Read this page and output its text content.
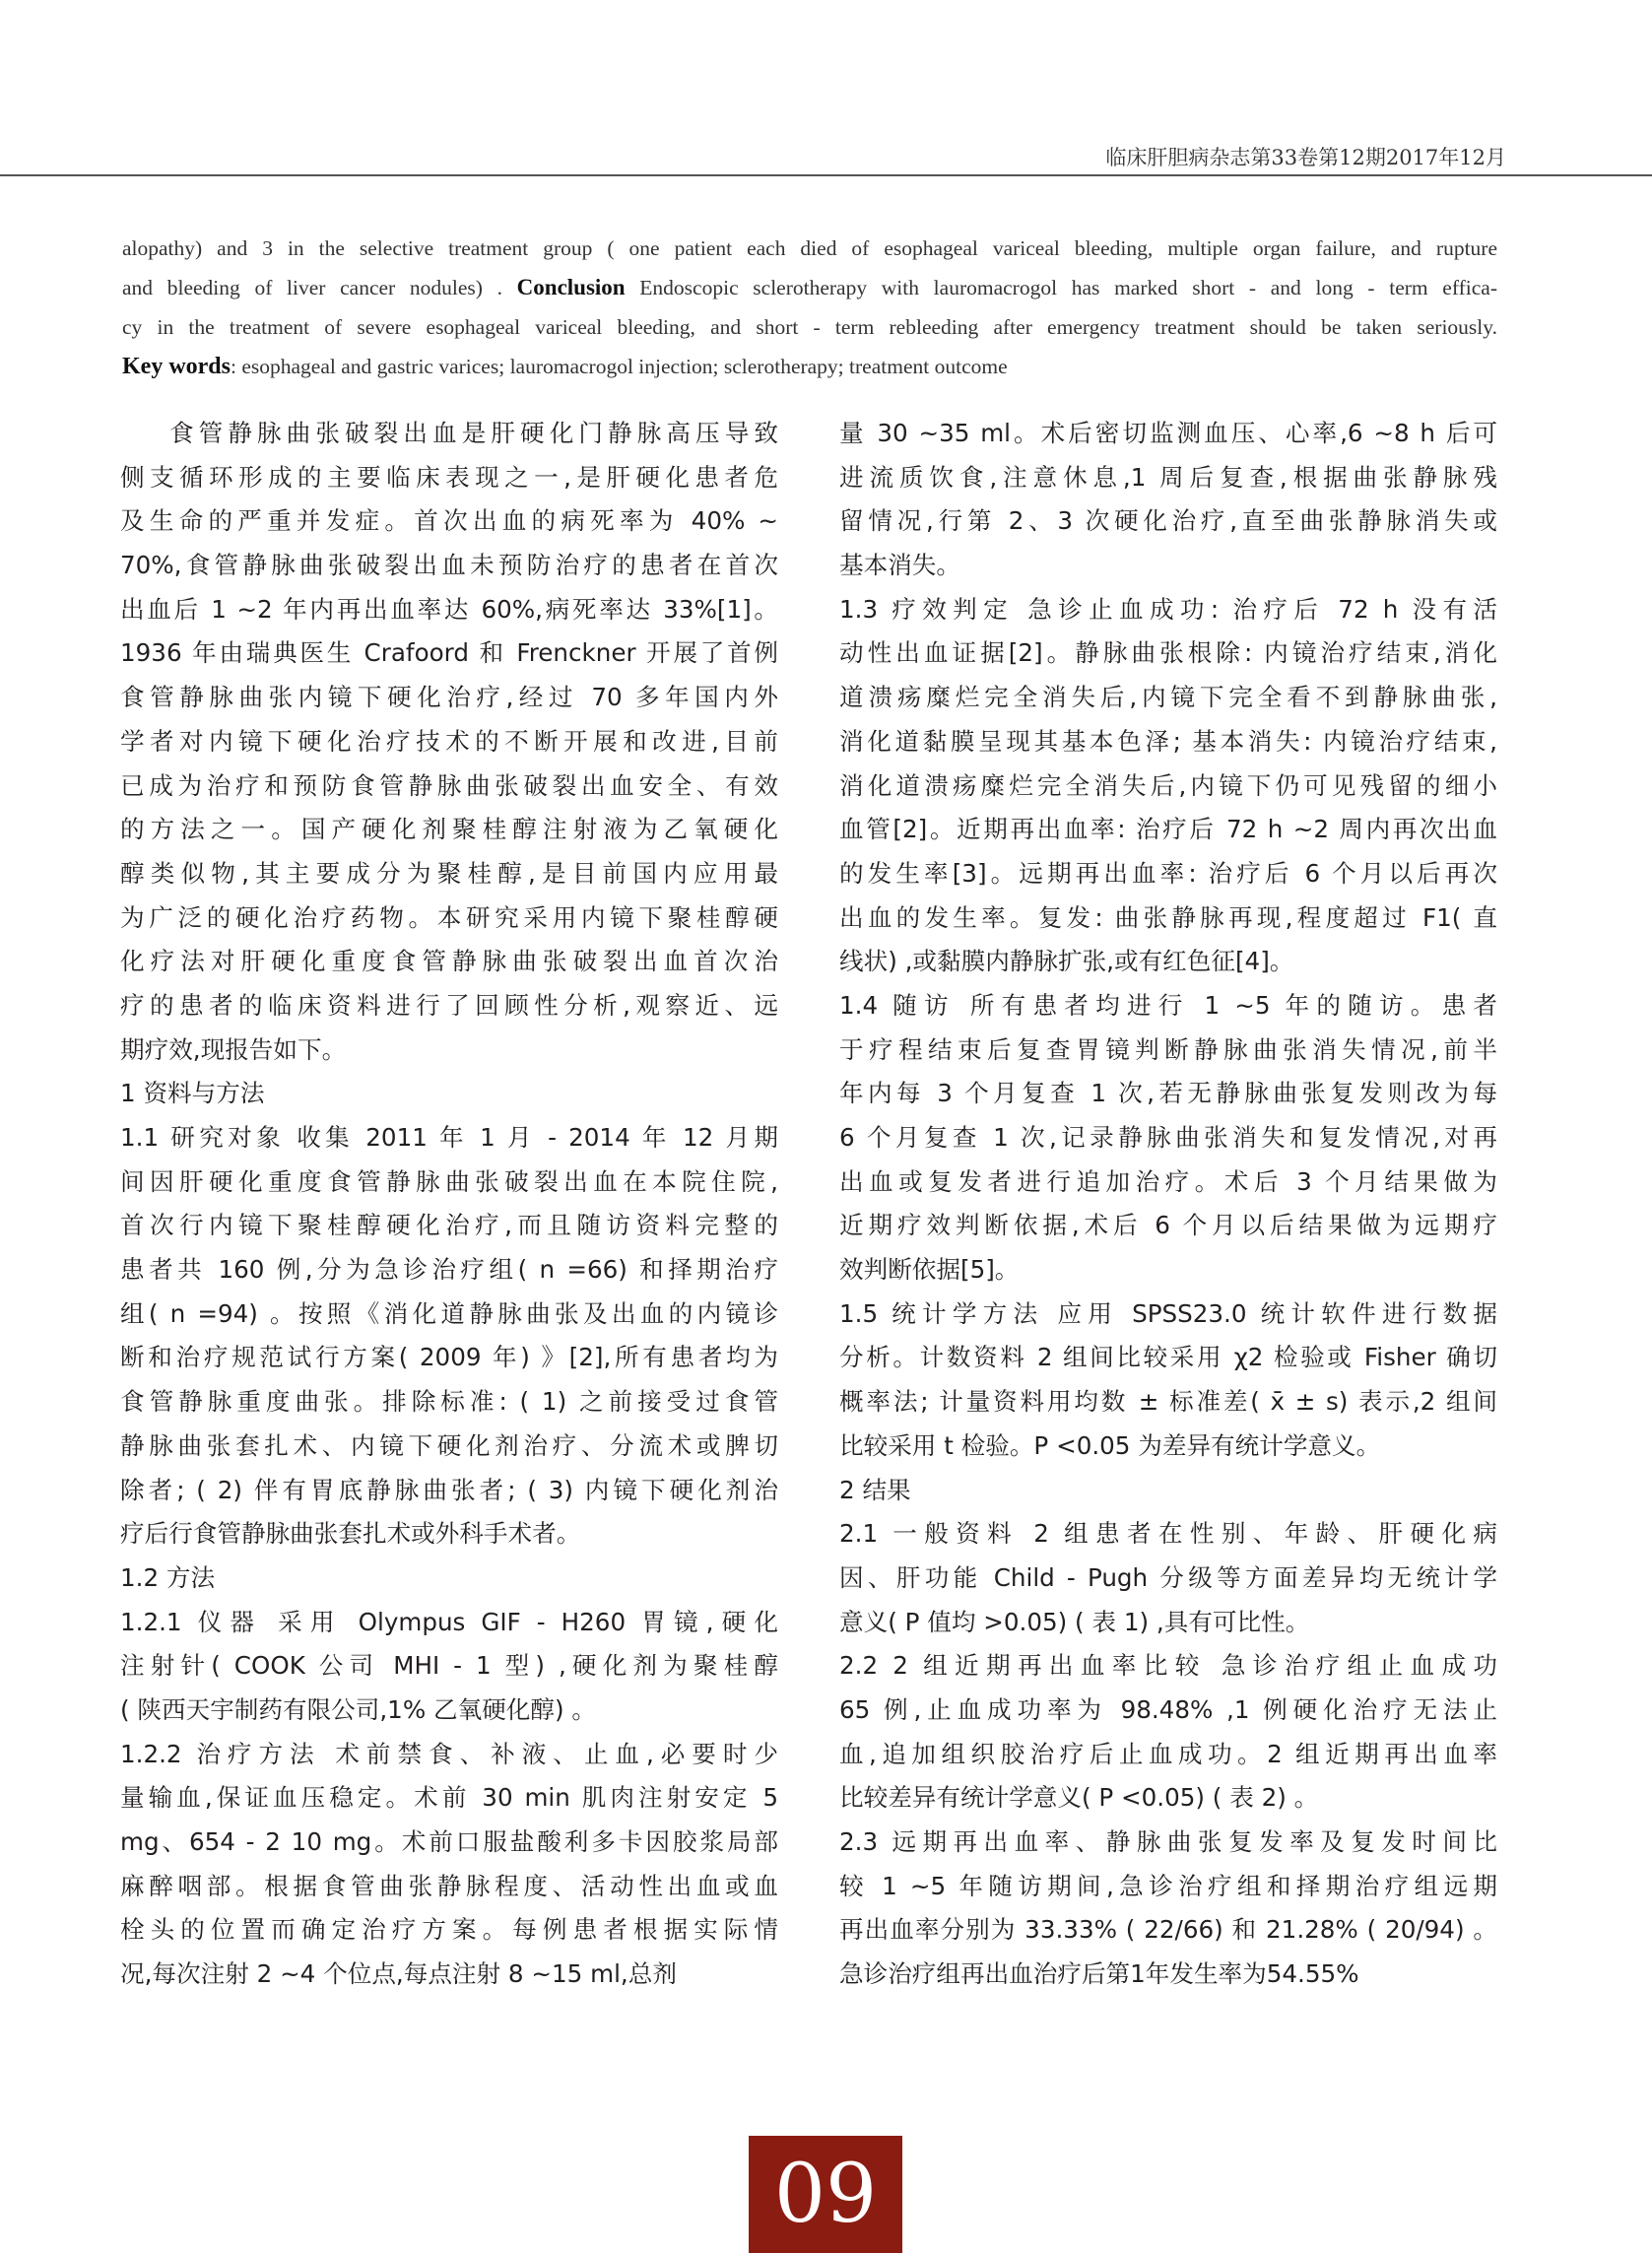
临床肝胆病杂志第33卷第12期2017年12月
alopathy) and 3 in the selective treatment group ( one patient each died of esophageal variceal bleeding, multiple organ failure, and rupture
and bleeding of liver cancer nodules) . Conclusion Endoscopic sclerotherapy with lauromacrogol has marked short - and long - term effica-
cy in the treatment of severe esophageal variceal bleeding, and short - term rebleeding after emergency treatment should be taken seriously.
Key words: esophageal and gastric varices; lauromacrogol injection; sclerotherapy; treatment outcome
食管静脉曲张破裂出血是肝硬化门静脉高压导致
侧支循环形成的主要临床表现之一,是肝硬化患者危
及生命的严重并发症。首次出血的病死率为 40% ~
70%,食管静脉曲张破裂出血未预防治疗的患者在首次
出血后 1 ~2 年内再出血率达 60%,病死率达 33%[1]。
1936 年由瑞典医生 Crafoord 和 Frenckner 开展了首例
食管静脉曲张内镜下硬化治疗,经过 70 多年国内外
学者对内镜下硬化治疗技术的不断开展和改进,目前
已成为治疗和预防食管静脉曲张破裂出血安全、有效
的方法之一。国产硬化剂聚桂醇注射液为乙氧硬化
醇类似物,其主要成分为聚桂醇,是目前国内应用最
为广泛的硬化治疗药物。本研究采用内镜下聚桂醇硬
化疗法对肝硬化重度食管静脉曲张破裂出血首次治
疗的患者的临床资料进行了回顾性分析,观察近、远
期疗效,现报告如下。
1 资料与方法
1.1 研究对象 收集 2011 年 1 月 - 2014 年 12 月期
间因肝硬化重度食管静脉曲张破裂出血在本院住院,
首次行内镜下聚桂醇硬化治疗,而且随访资料完整的
患者共 160 例,分为急诊治疗组( n =66) 和择期治疗
组( n =94) 。按照《消化道静脉曲张及出血的内镜诊
断和治疗规范试行方案( 2009 年) 》[2],所有患者均为
食管静脉重度曲张。排除标准: ( 1) 之前接受过食管
静脉曲张套扎术、内镜下硬化剂治疗、分流术或脾切
除者; ( 2) 伴有胃底静脉曲张者; ( 3) 内镜下硬化剂治
疗后行食管静脉曲张套扎术或外科手术者。
1.2 方法
1.2.1 仪器 采用 Olympus GIF - H260 胃镜,硬化
注射针( COOK 公司 MHI - 1 型) ,硬化剂为聚桂醇
( 陕西天宇制药有限公司,1% 乙氧硬化醇) 。
1.2.2 治疗方法 术前禁食、补液、止血,必要时少
量输血,保证血压稳定。术前 30 min 肌肉注射安定 5
mg、654 - 2 10 mg。术前口服盐酸利多卡因胶浆局部
麻醉咽部。根据食管曲张静脉程度、活动性出血或血
栓头的位置而确定治疗方案。每例患者根据实际情
况,每次注射 2 ~4 个位点,每点注射 8 ~15 ml,总剂
量 30 ~35 ml。术后密切监测血压、心率,6 ~8 h 后可
进流质饮食,注意休息,1 周后复查,根据曲张静脉残
留情况,行第 2、3 次硬化治疗,直至曲张静脉消失或
基本消失。
1.3 疗效判定 急诊止血成功: 治疗后 72 h 没有活
动性出血证据[2]。静脉曲张根除: 内镜治疗结束,消化
道溃疡糜烂完全消失后,内镜下完全看不到静脉曲张,
消化道黏膜呈现其基本色泽; 基本消失: 内镜治疗结束,
消化道溃疡糜烂完全消失后,内镜下仍可见残留的细小
血管[2]。近期再出血率: 治疗后 72 h ~2 周内再次出血
的发生率[3]。远期再出血率: 治疗后 6 个月以后再次
出血的发生率。复发: 曲张静脉再现,程度超过 F1( 直
线状) ,或黏膜内静脉扩张,或有红色征[4]。
1.4 随访 所有患者均进行 1 ~5 年的随访。患者
于疗程结束后复查胃镜判断静脉曲张消失情况,前半
年内每 3 个月复查 1 次,若无静脉曲张复发则改为每
6 个月复查 1 次,记录静脉曲张消失和复发情况,对再
出血或复发者进行追加治疗。术后 3 个月结果做为
近期疗效判断依据,术后 6 个月以后结果做为远期疗
效判断依据[5]。
1.5 统计学方法 应用 SPSS23.0 统计软件进行数据
分析。计数资料 2 组间比较采用 χ2 检验或 Fisher 确切
概率法; 计量资料用均数 ± 标准差( x̄ ± s) 表示,2 组间
比较采用 t 检验。P <0.05 为差异有统计学意义。
2 结果
2.1 一般资料 2 组患者在性别、年龄、肝硬化病
因、肝功能 Child - Pugh 分级等方面差异均无统计学
意义( P 值均 >0.05) ( 表 1) ,具有可比性。
2.2 2 组近期再出血率比较 急诊治疗组止血成功
65 例,止血成功率为 98.48% ,1 例硬化治疗无法止
血,追加组织胶治疗后止血成功。2 组近期再出血率
比较差异有统计学意义( P <0.05) ( 表 2) 。
2.3 远期再出血率、静脉曲张复发率及复发时间比
较 1 ~5 年随访期间,急诊治疗组和择期治疗组远期
再出血率分别为 33.33% ( 22/66) 和 21.28% ( 20/94) 。
急诊治疗组再出血治疗后第1年发生率为54.55%
09
